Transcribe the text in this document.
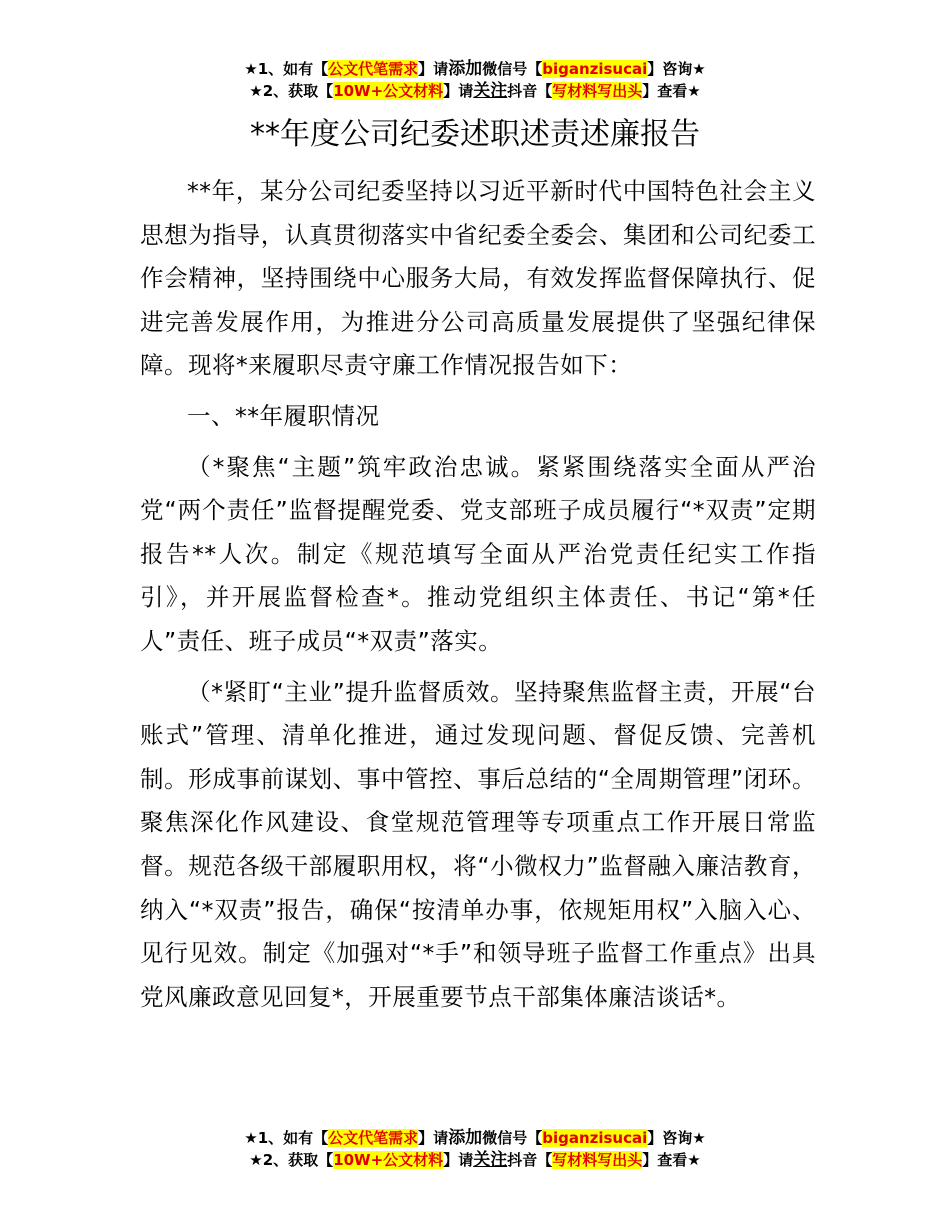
★1、如有【公文代笔需求】请添加微信号【biganzisucai】咨询★
★2、获取【10W+公文材料】请关注抖音【写材料写出头】查看★
**年度公司纪委述职述责述廉报告

**年，某分公司纪委坚持以习近平新时代中国特色社会主义思想为指导，认真贯彻落实中省纪委全委会、集团和公司纪委工作会精神，坚持围绕中心服务大局，有效发挥监督保障执行、促进完善发展作用，为推进分公司高质量发展提供了坚强纪律保障。现将*来履职尽责守廉工作情况报告如下：

一、**年履职情况

（*聚焦“主题”筑牢政治忠诚。紧紧围绕落实全面从严治党“两个责任”监督提醒党委、党支部班子成员履行“*双责”定期报告**人次。制定《规范填写全面从严治党责任纪实工作指引》，并开展监督检查*。推动党组织主体责任、书记“第*任人”责任、班子成员“*双责”落实。

（*紧盯“主业”提升监督质效。坚持聚焦监督主责，开展“台账式”管理、清单化推进，通过发现问题、督促反馈、完善机制。形成事前谋划、事中管控、事后总结的“全周期管理”闭环。聚焦深化作风建设、食堂规范管理等专项重点工作开展日常监督。规范各级干部履职用权，将“小微权力”监督融入廉洁教育，纳入“*双责”报告，确保“按清单办事，依规矩用权”入脑入心、见行见效。制定《加强对“*手”和领导班子监督工作重点》出具党风廉政意见回复*，开展重要节点干部集体廉洁谈话*。

★1、如有【公文代笔需求】请添加微信号【biganzisucai】咨询★
★2、获取【10W+公文材料】请关注抖音【写材料写出头】查看★
